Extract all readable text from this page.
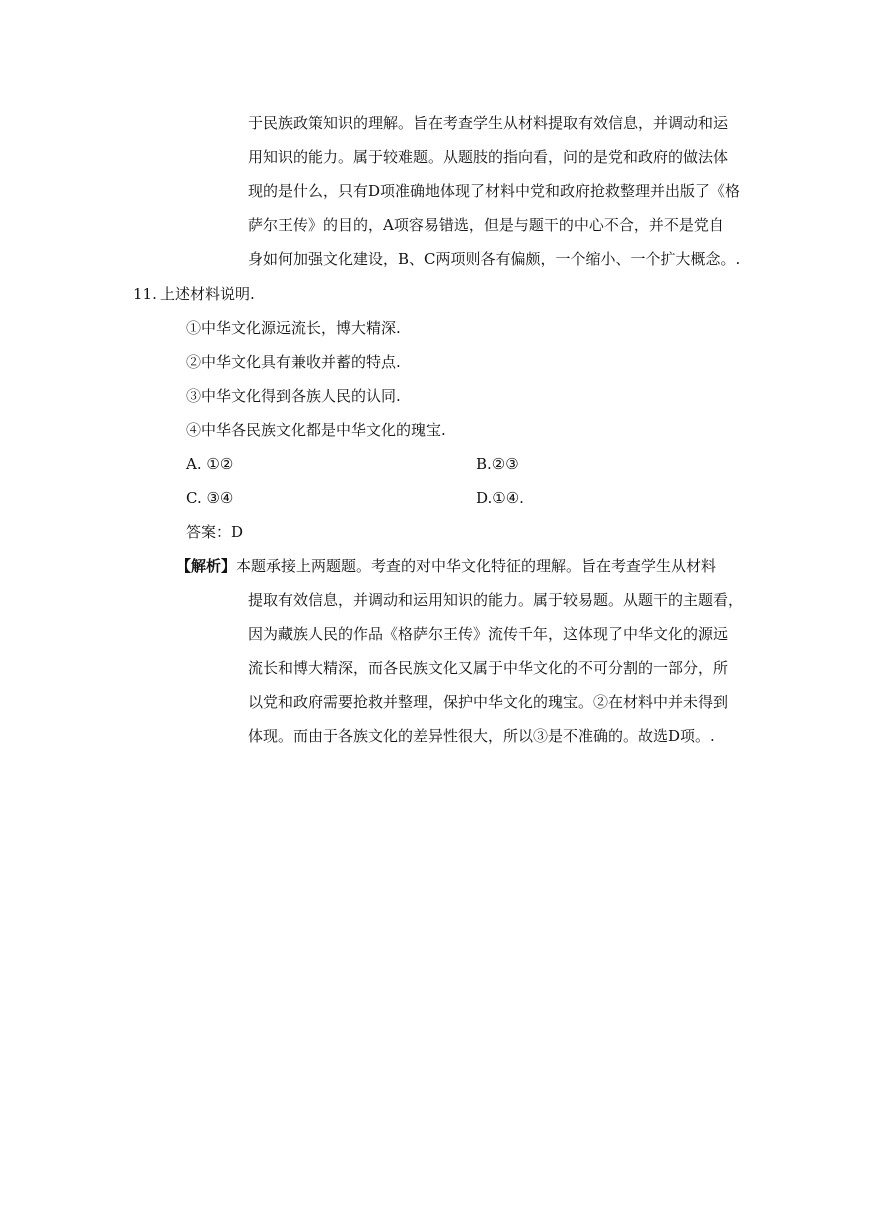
于民族政策知识的理解。旨在考查学生从材料提取有效信息，并调动和运
用知识的能力。属于较难题。从题肢的指向看，问的是党和政府的做法体
现的是什么，只有D项准确地体现了材料中党和政府抢救整理并出版了《格
萨尔王传》的目的，A项容易错选，但是与题干的中心不合，并不是党自
身如何加强文化建设，B、C两项则各有偏颇，一个缩小、一个扩大概念。.
11. 上述材料说明.
①中华文化源远流长，博大精深.
②中华文化具有兼收并蓄的特点.
③中华文化得到各族人民的认同.
④中华各民族文化都是中华文化的瑰宝.
A. ①②	B.②③
C. ③④	D.①④.
答案：D
【解析】本题承接上两题题。考查的对中华文化特征的理解。旨在考查学生从材料
提取有效信息，并调动和运用知识的能力。属于较易题。从题干的主题看，
因为藏族人民的作品《格萨尔王传》流传千年，这体现了中华文化的源远
流长和博大精深，而各民族文化又属于中华文化的不可分割的一部分，所
以党和政府需要抢救并整理，保护中华文化的瑰宝。②在材料中并未得到
体现。而由于各族文化的差异性很大，所以③是不准确的。故选D项。.
